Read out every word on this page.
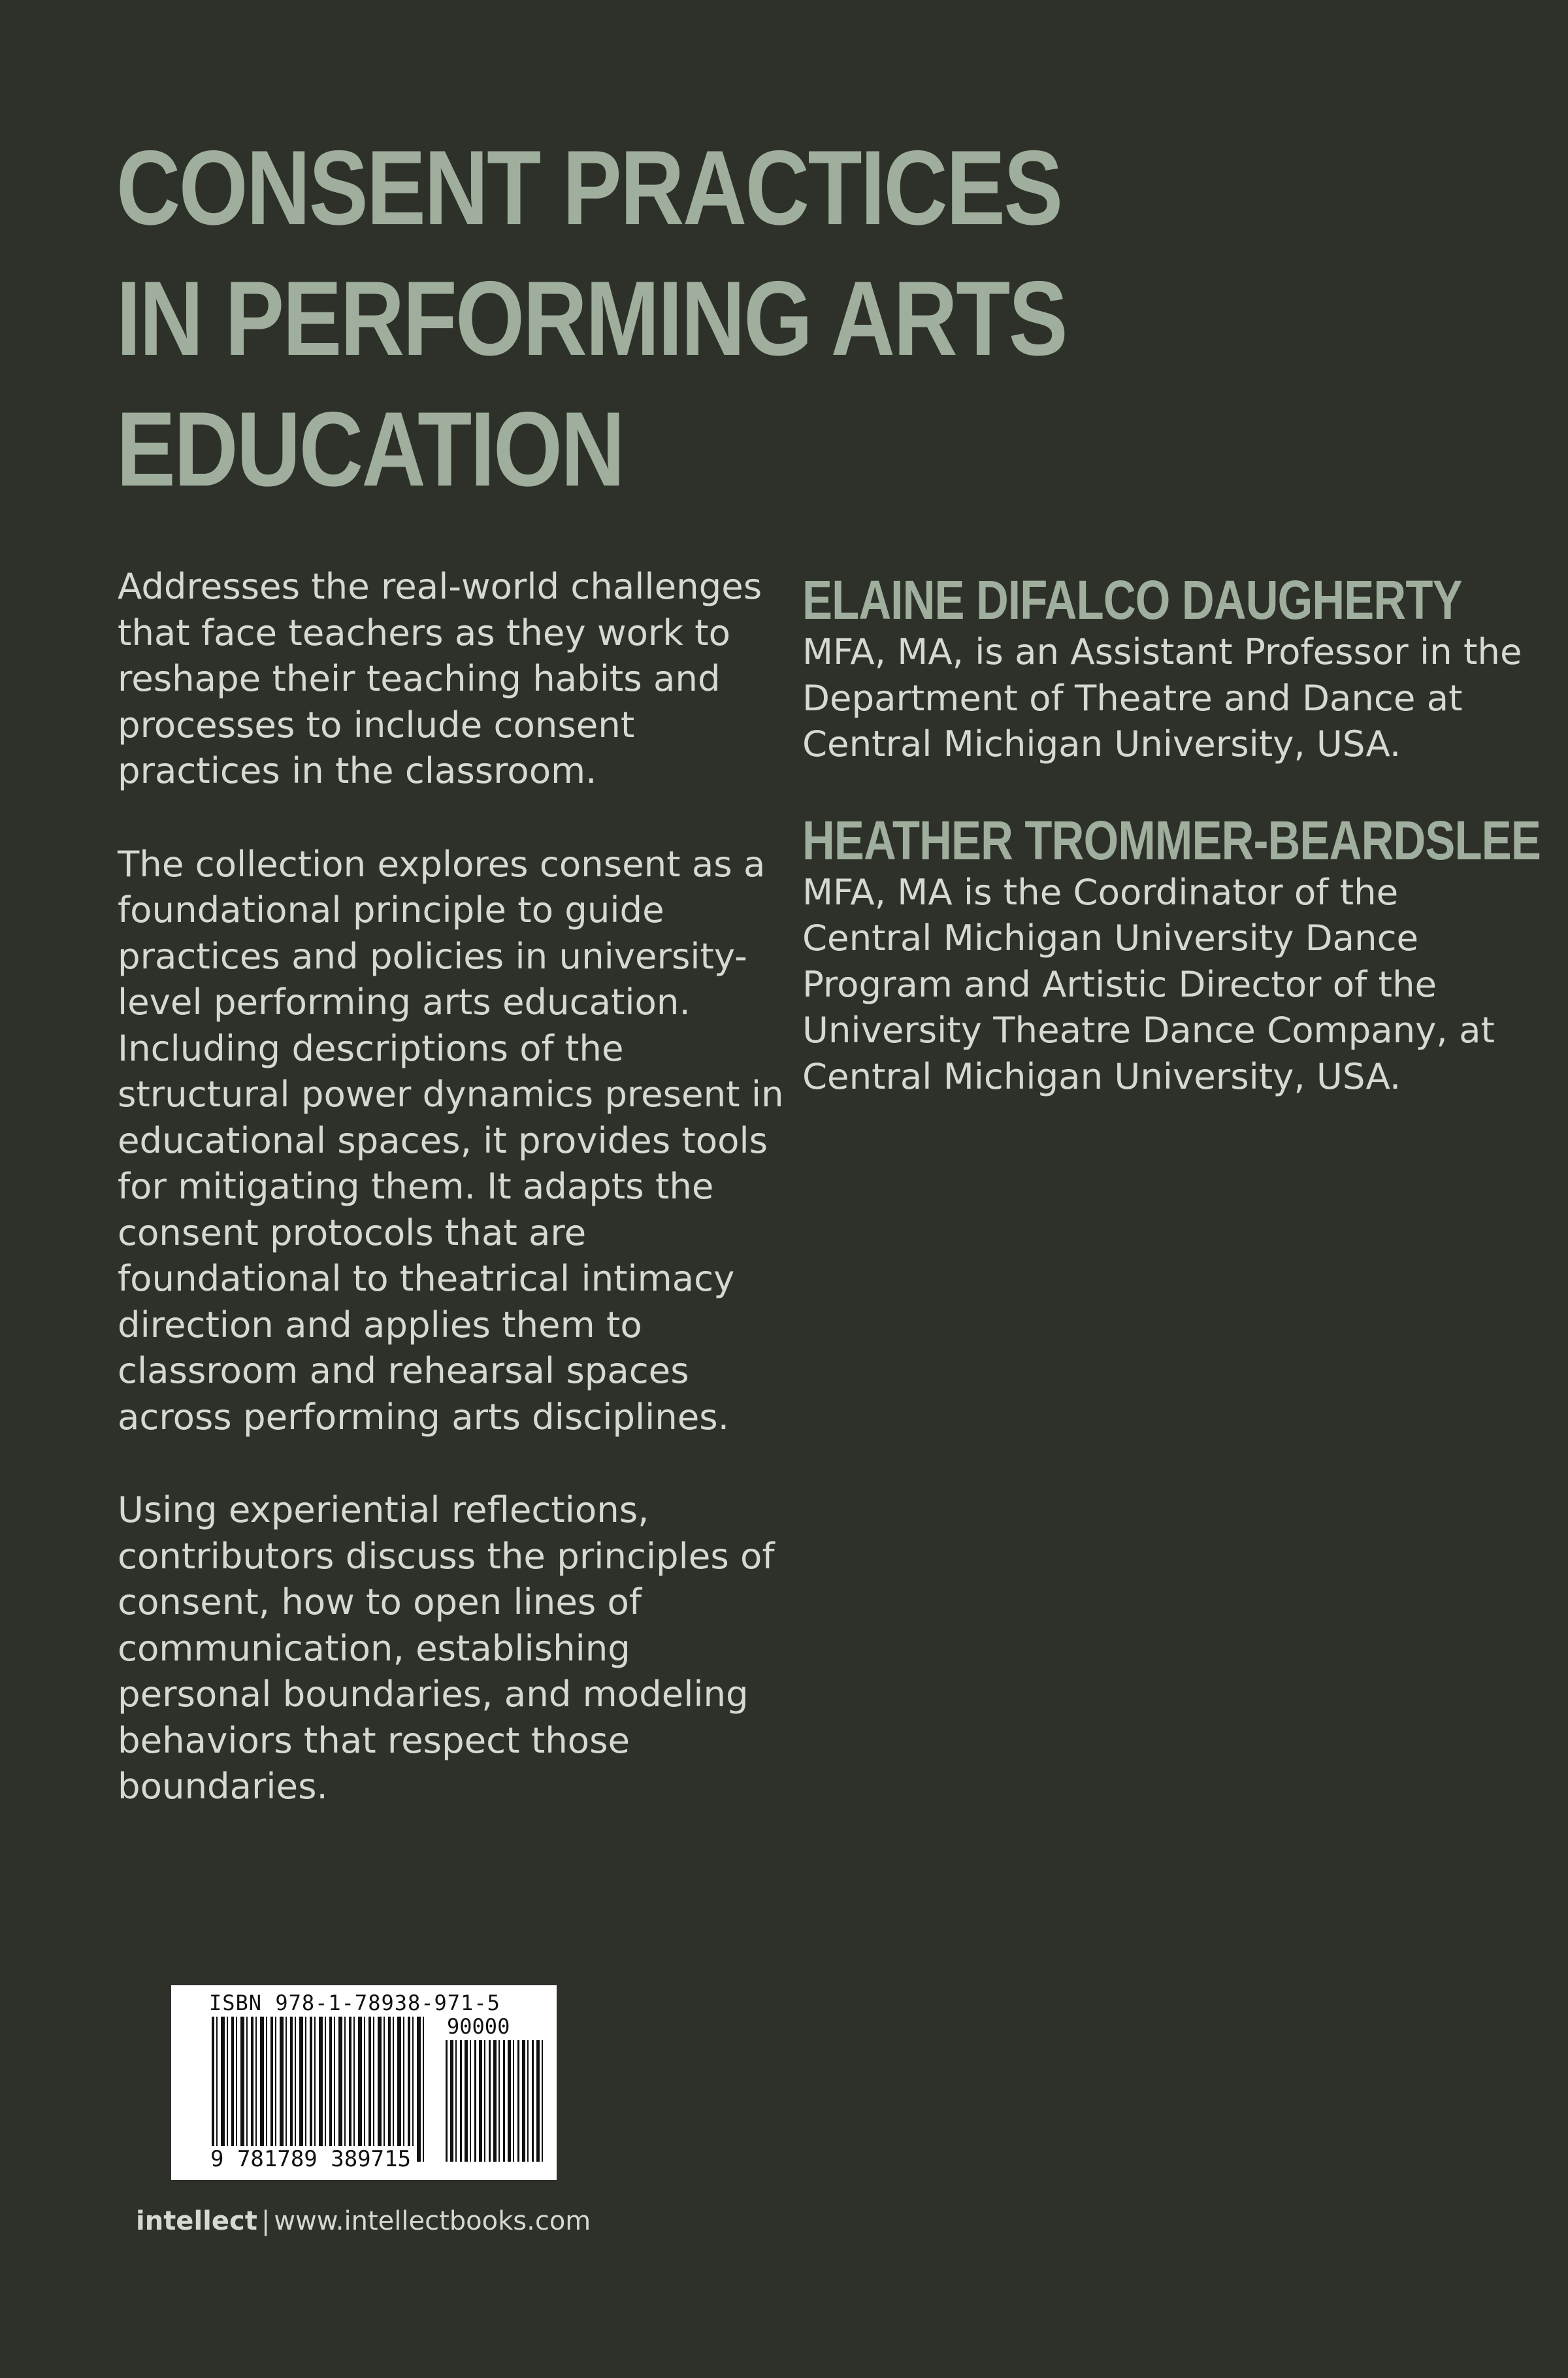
CONSENT PRACTICES
IN PERFORMING ARTS
EDUCATION

Addresses the real-world challenges that face teachers as they work to reshape their teaching habits and processes to include consent practices in the classroom.

The collection explores consent as a foundational principle to guide practices and policies in university-level performing arts education. Including descriptions of the structural power dynamics present in educational spaces, it provides tools for mitigating them. It adapts the consent protocols that are foundational to theatrical intimacy direction and applies them to classroom and rehearsal spaces across performing arts disciplines.

Using experiential reflections, contributors discuss the principles of consent, how to open lines of communication, establishing personal boundaries, and modeling behaviors that respect those boundaries.

ELAINE DIFALCO DAUGHERTY
MFA, MA, is an Assistant Professor in the Department of Theatre and Dance at Central Michigan University, USA.
HEATHER TROMMER-BEARDSLEE
MFA, MA is the Coordinator of the Central Michigan University Dance Program and Artistic Director of the University Theatre Dance Company, at Central Michigan University, USA.
ISBN 978-1-78938-971-5
90000
9 781789 389715
intellect | www.intellectbooks.com
